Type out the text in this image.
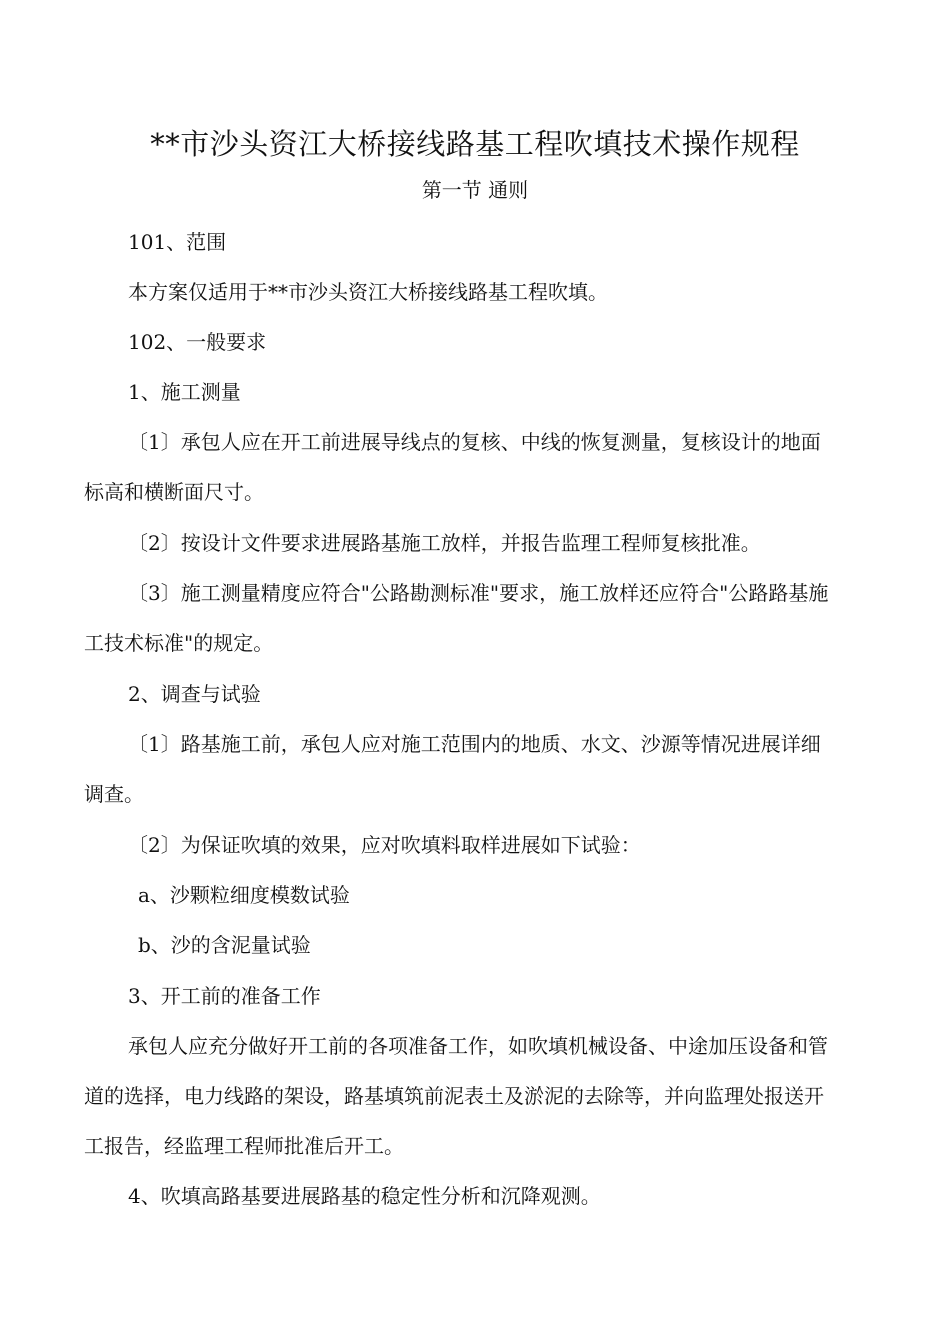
**市沙头资江大桥接线路基工程吹填技术操作规程
第一节 通则
101、范围
本方案仅适用于**市沙头资江大桥接线路基工程吹填。
102、一般要求
1、施工测量
〔1〕承包人应在开工前进展导线点的复核、中线的恢复测量，复核设计的地面
标高和横断面尺寸。
〔2〕按设计文件要求进展路基施工放样，并报告监理工程师复核批准。
〔3〕施工测量精度应符合"公路勘测标准"要求，施工放样还应符合"公路路基施
工技术标准"的规定。
2、调查与试验
〔1〕路基施工前，承包人应对施工范围内的地质、水文、沙源等情况进展详细
调查。
〔2〕为保证吹填的效果，应对吹填料取样进展如下试验：
a、沙颗粒细度模数试验
b、沙的含泥量试验
3、开工前的准备工作
承包人应充分做好开工前的各项准备工作，如吹填机械设备、中途加压设备和管
道的选择，电力线路的架设，路基填筑前泥表土及淤泥的去除等，并向监理处报送开
工报告，经监理工程师批准后开工。
4、吹填高路基要进展路基的稳定性分析和沉降观测。
